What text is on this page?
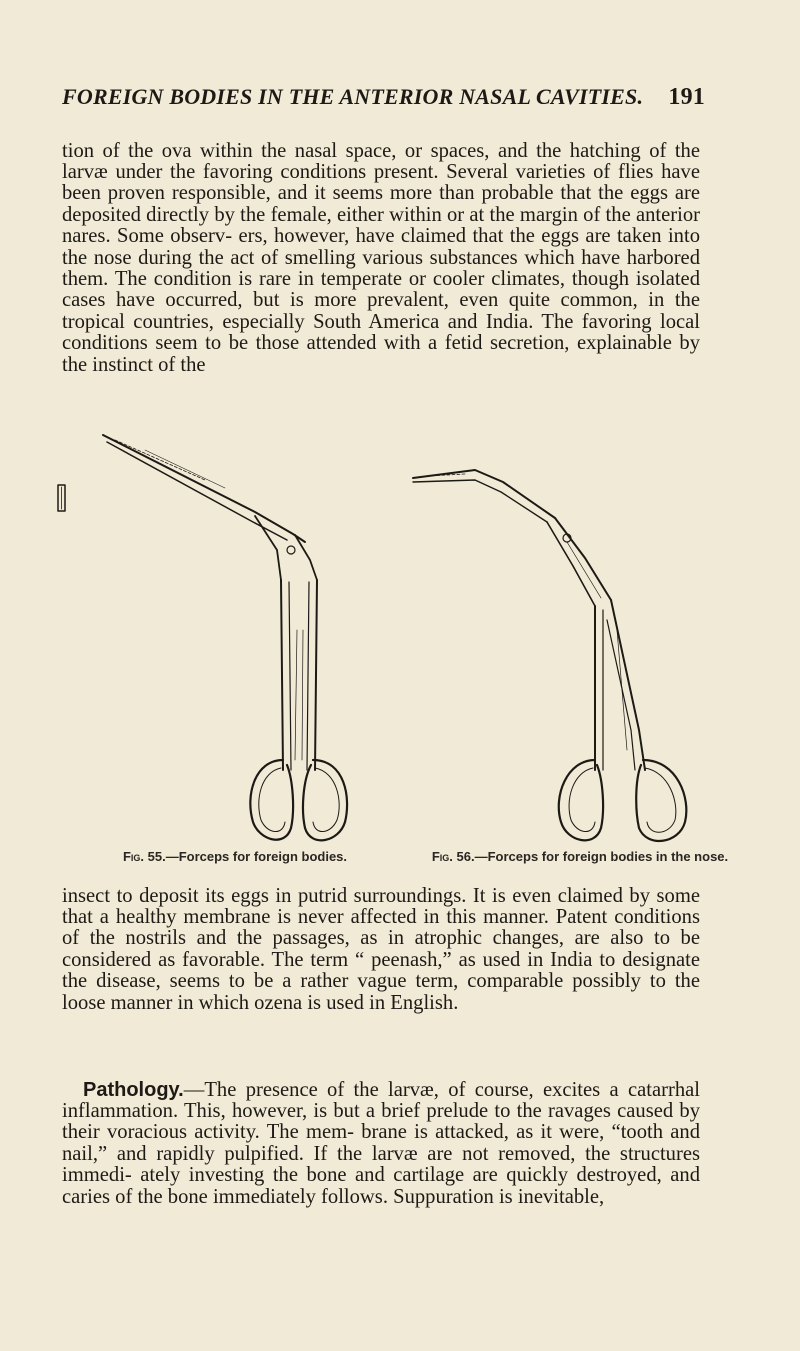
FOREIGN BODIES IN THE ANTERIOR NASAL CAVITIES. 191

tion of the ova within the nasal space, or spaces, and the hatching of the larvæ under the favoring conditions present. Several varieties of flies have been proven responsible, and it seems more than probable that the eggs are deposited directly by the female, either within or at the margin of the anterior nares. Some observ- ers, however, have claimed that the eggs are taken into the nose during the act of smelling various substances which have harbored them. The condition is rare in temperate or cooler climates, though isolated cases have occurred, but is more prevalent, even quite common, in the tropical countries, especially South America and India. The favoring local conditions seem to be those attended with a fetid secretion, explainable by the instinct of the

Fig. 55.—Forceps for foreign bodies.	Fig. 56.—Forceps for foreign bodies in the nose.

insect to deposit its eggs in putrid surroundings. It is even claimed by some that a healthy membrane is never affected in this manner. Patent conditions of the nostrils and the passages, as in atrophic changes, are also to be considered as favorable. The term “ peenash,” as used in India to designate the disease, seems to be a rather vague term, comparable possibly to the loose manner in which ozena is used in English.

Pathology.—The presence of the larvæ, of course, excites a catarrhal inflammation. This, however, is but a brief prelude to the ravages caused by their voracious activity. The mem- brane is attacked, as it were, “tooth and nail,” and rapidly pulpified. If the larvæ are not removed, the structures immedi- ately investing the bone and cartilage are quickly destroyed, and caries of the bone immediately follows. Suppuration is inevitable,
